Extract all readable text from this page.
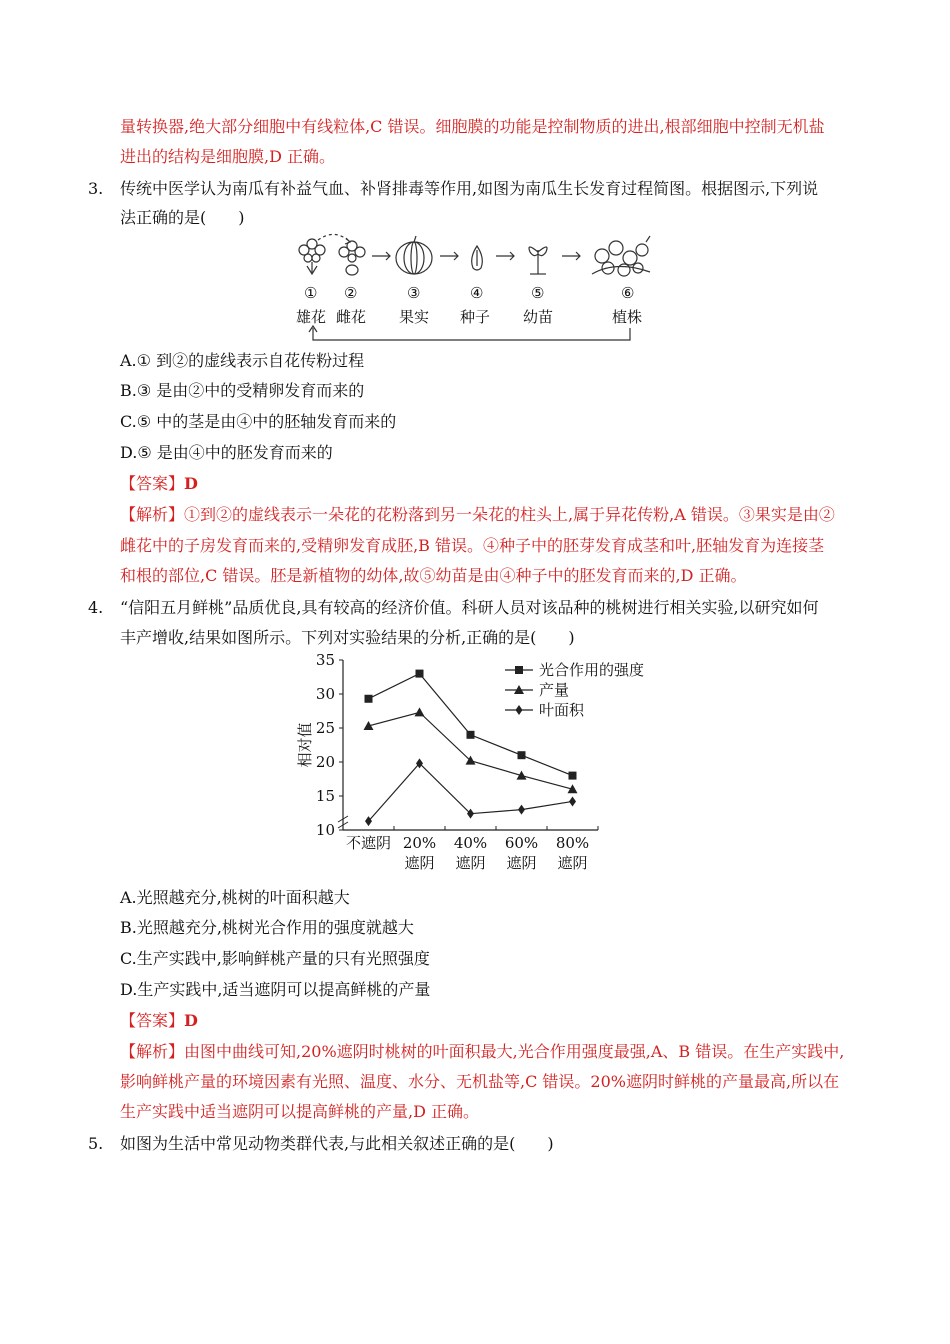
量转换器,绝大部分细胞中有线粒体,C 错误。细胞膜的功能是控制物质的进出,根部细胞中控制无机盐
进出的结构是细胞膜,D 正确。
3. 传统中医学认为南瓜有补益气血、补肾排毒等作用,如图为南瓜生长发育过程简图。根据图示,下列说
法正确的是(　　)
① ②	③	④	⑤	⑥
雄花 雌花 果实 种子 幼苗	植株
A.① 到②的虚线表示自花传粉过程
B.③ 是由②中的受精卵发育而来的
C.⑤ 中的茎是由④中的胚轴发育而来的
D.⑤ 是由④中的胚发育而来的
【答案】D
【解析】①到②的虚线表示一朵花的花粉落到另一朵花的柱头上,属于异花传粉,A 错误。③果实是由②
雌花中的子房发育而来的,受精卵发育成胚,B 错误。④种子中的胚芽发育成茎和叶,胚轴发育为连接茎
和根的部位,C 错误。胚是新植物的幼体,故⑤幼苗是由④种子中的胚发育而来的,D 正确。
4. “信阳五月鲜桃”品质优良,具有较高的经济价值。科研人员对该品种的桃树进行相关实验,以研究如何
丰产增收,结果如图所示。下列对实验结果的分析,正确的是(　　)
10
15
20
25
30
35
相对值
不遮阴 20%
遮阴
40%
遮阴
60%
遮阴
80%
遮阴
光合作用的强度
产量
叶面积
A.光照越充分,桃树的叶面积越大
B.光照越充分,桃树光合作用的强度就越大
C.生产实践中,影响鲜桃产量的只有光照强度
D.生产实践中,适当遮阴可以提高鲜桃的产量
【答案】D
【解析】由图中曲线可知,20%遮阴时桃树的叶面积最大,光合作用强度最强,A、B 错误。在生产实践中,
影响鲜桃产量的环境因素有光照、温度、水分、无机盐等,C 错误。20%遮阴时鲜桃的产量最高,所以在
生产实践中适当遮阴可以提高鲜桃的产量,D 正确。
5. 如图为生活中常见动物类群代表,与此相关叙述正确的是(　　)
